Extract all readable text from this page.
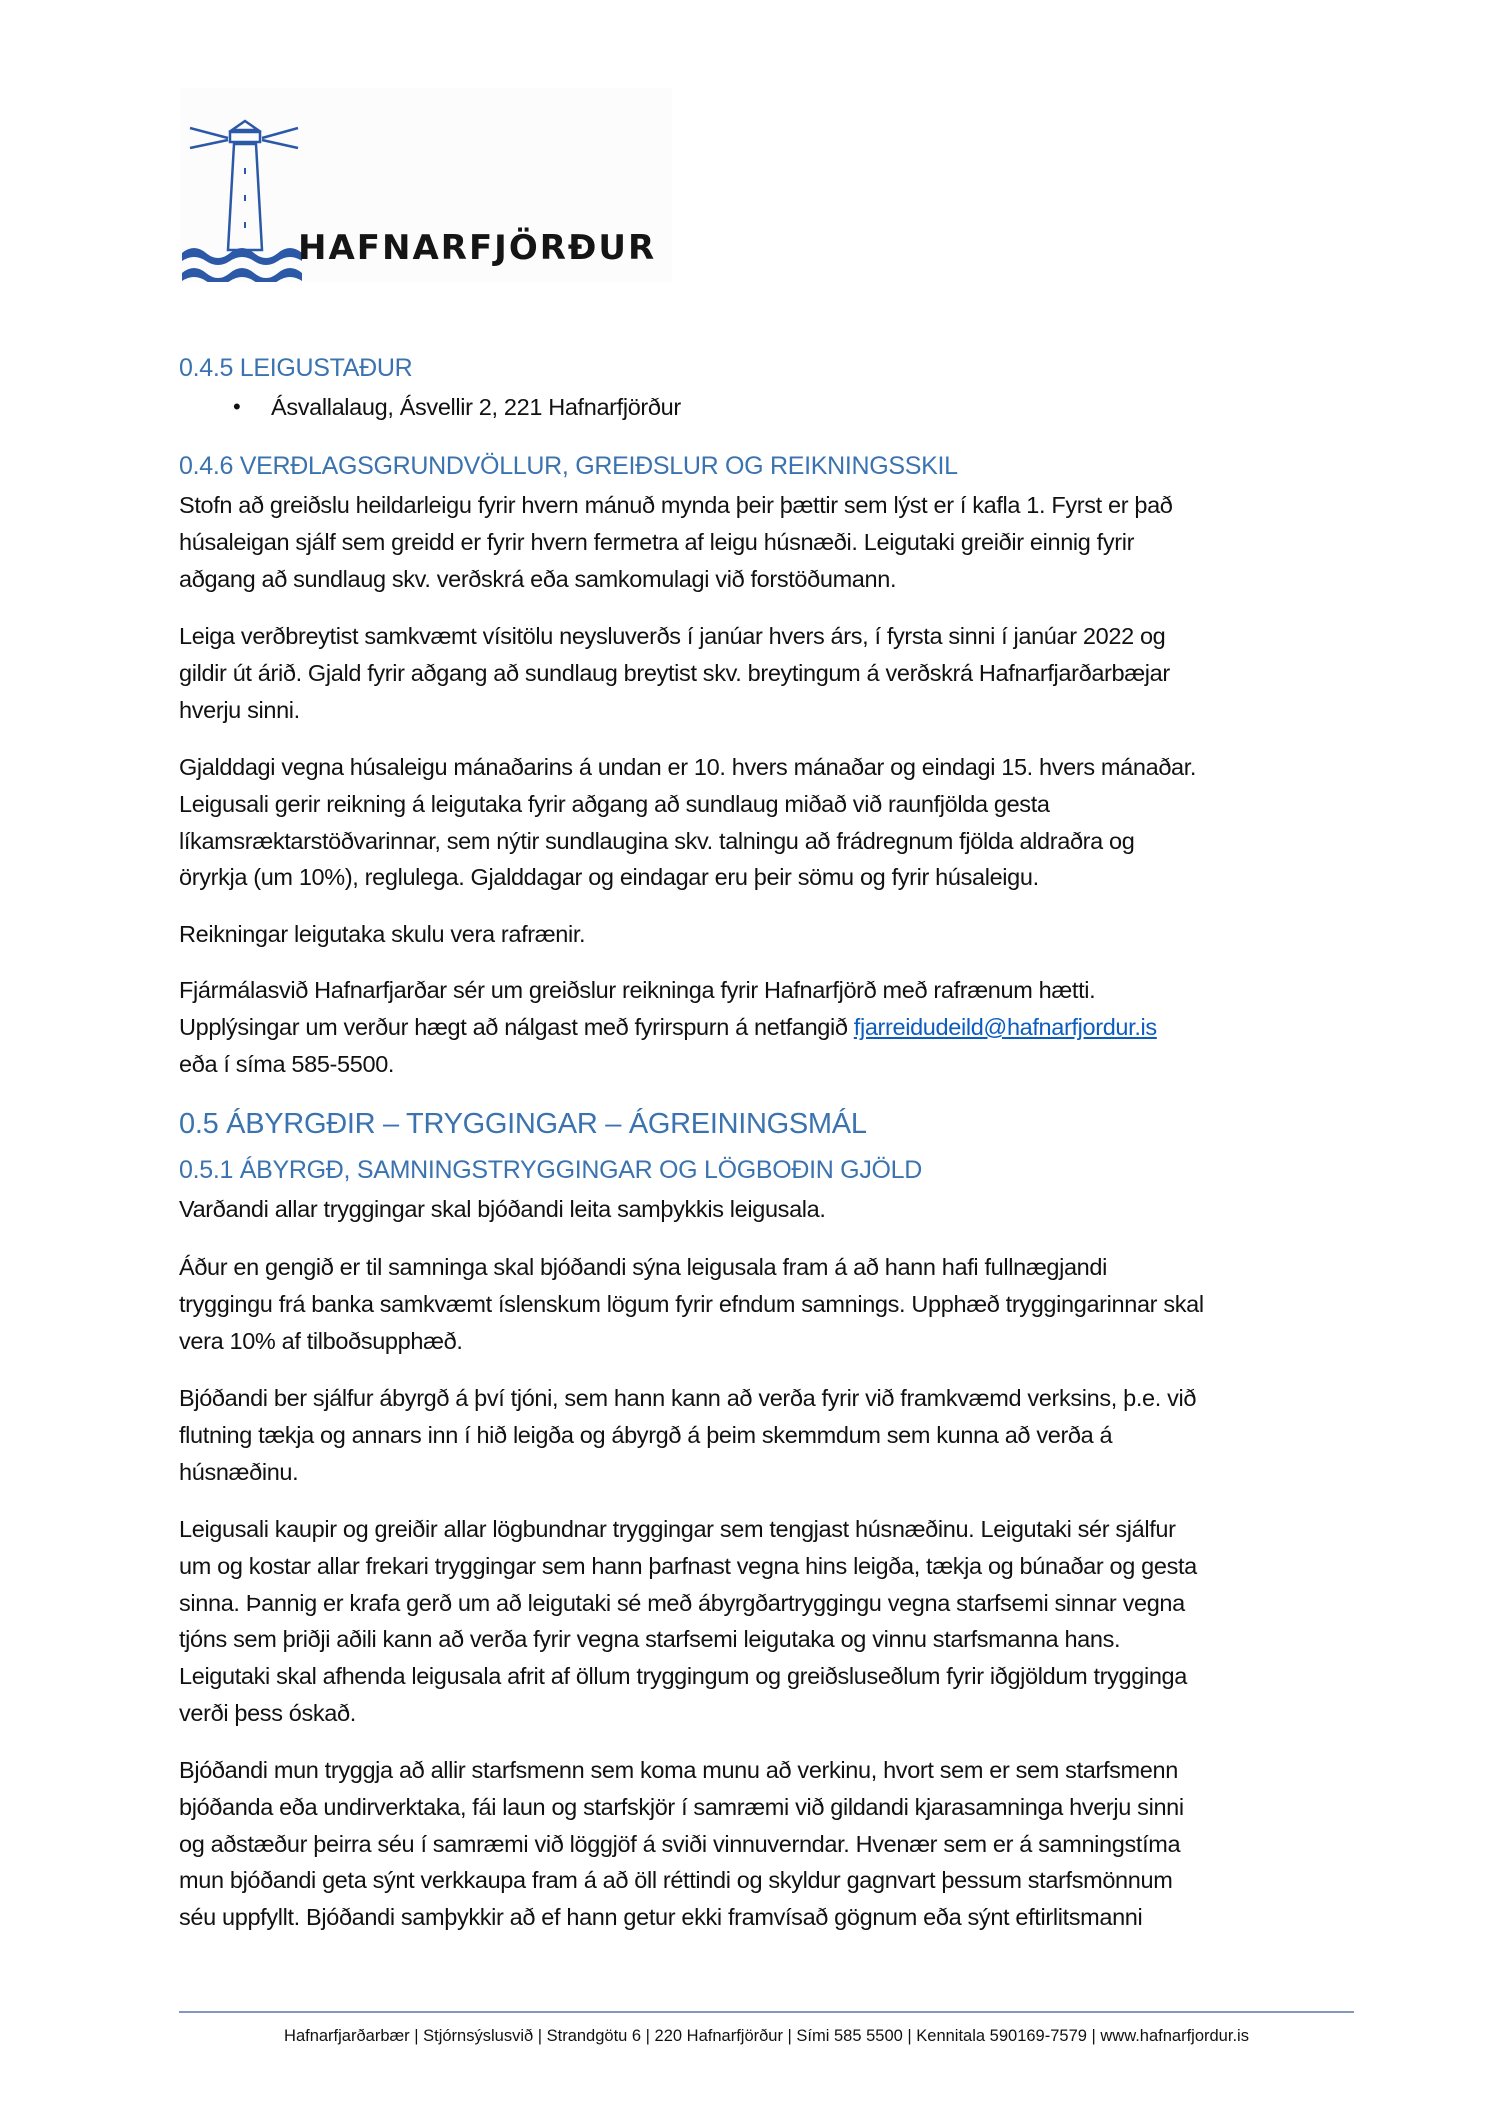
HAFNARFJÖRÐUR
0.4.5 LEIGUSTAÐUR
• Ásvallalaug, Ásvellir 2, 221 Hafnarfjörður
0.4.6 VERÐLAGSGRUNDVÖLLUR, GREIÐSLUR OG REIKNINGSSKIL
Stofn að greiðslu heildarleigu fyrir hvern mánuð mynda þeir þættir sem lýst er í kafla 1. Fyrst er það
húsaleigan sjálf sem greidd er fyrir hvern fermetra af leigu húsnæði. Leigutaki greiðir einnig fyrir
aðgang að sundlaug skv. verðskrá eða samkomulagi við forstöðumann.
Leiga verðbreytist samkvæmt vísitölu neysluverðs í janúar hvers árs, í fyrsta sinni í janúar 2022 og
gildir út árið. Gjald fyrir aðgang að sundlaug breytist skv. breytingum á verðskrá Hafnarfjarðarbæjar
hverju sinni.
Gjalddagi vegna húsaleigu mánaðarins á undan er 10. hvers mánaðar og eindagi 15. hvers mánaðar.
Leigusali gerir reikning á leigutaka fyrir aðgang að sundlaug miðað við raunfjölda gesta
líkamsræktarstöðvarinnar, sem nýtir sundlaugina skv. talningu að frádregnum fjölda aldraðra og
öryrkja (um 10%), reglulega. Gjalddagar og eindagar eru þeir sömu og fyrir húsaleigu.
Reikningar leigutaka skulu vera rafrænir.
Fjármálasvið Hafnarfjarðar sér um greiðslur reikninga fyrir Hafnarfjörð með rafrænum hætti.
Upplýsingar um verður hægt að nálgast með fyrirspurn á netfangið fjarreidudeild@hafnarfjordur.is
eða í síma 585-5500.
0.5 ÁBYRGÐIR – TRYGGINGAR – ÁGREININGSMÁL
0.5.1 ÁBYRGÐ, SAMNINGSTRYGGINGAR OG LÖGBOÐIN GJÖLD
Varðandi allar tryggingar skal bjóðandi leita samþykkis leigusala.
Áður en gengið er til samninga skal bjóðandi sýna leigusala fram á að hann hafi fullnægjandi
tryggingu frá banka samkvæmt íslenskum lögum fyrir efndum samnings. Upphæð tryggingarinnar skal
vera 10% af tilboðsupphæð.
Bjóðandi ber sjálfur ábyrgð á því tjóni, sem hann kann að verða fyrir við framkvæmd verksins, þ.e. við
flutning tækja og annars inn í hið leigða og ábyrgð á þeim skemmdum sem kunna að verða á
húsnæðinu.
Leigusali kaupir og greiðir allar lögbundnar tryggingar sem tengjast húsnæðinu. Leigutaki sér sjálfur
um og kostar allar frekari tryggingar sem hann þarfnast vegna hins leigða, tækja og búnaðar og gesta
sinna. Þannig er krafa gerð um að leigutaki sé með ábyrgðartryggingu vegna starfsemi sinnar vegna
tjóns sem þriðji aðili kann að verða fyrir vegna starfsemi leigutaka og vinnu starfsmanna hans.
Leigutaki skal afhenda leigusala afrit af öllum tryggingum og greiðsluseðlum fyrir iðgjöldum trygginga
verði þess óskað.
Bjóðandi mun tryggja að allir starfsmenn sem koma munu að verkinu, hvort sem er sem starfsmenn
bjóðanda eða undirverktaka, fái laun og starfskjör í samræmi við gildandi kjarasamninga hverju sinni
og aðstæður þeirra séu í samræmi við löggjöf á sviði vinnuverndar. Hvenær sem er á samningstíma
mun bjóðandi geta sýnt verkkaupa fram á að öll réttindi og skyldur gagnvart þessum starfsmönnum
séu uppfyllt. Bjóðandi samþykkir að ef hann getur ekki framvísað gögnum eða sýnt eftirlitsmanni
Hafnarfjarðarbær | Stjórnsýslusvið | Strandgötu 6 | 220 Hafnarfjörður | Sími 585 5500 | Kennitala 590169-7579 | www.hafnarfjordur.is
